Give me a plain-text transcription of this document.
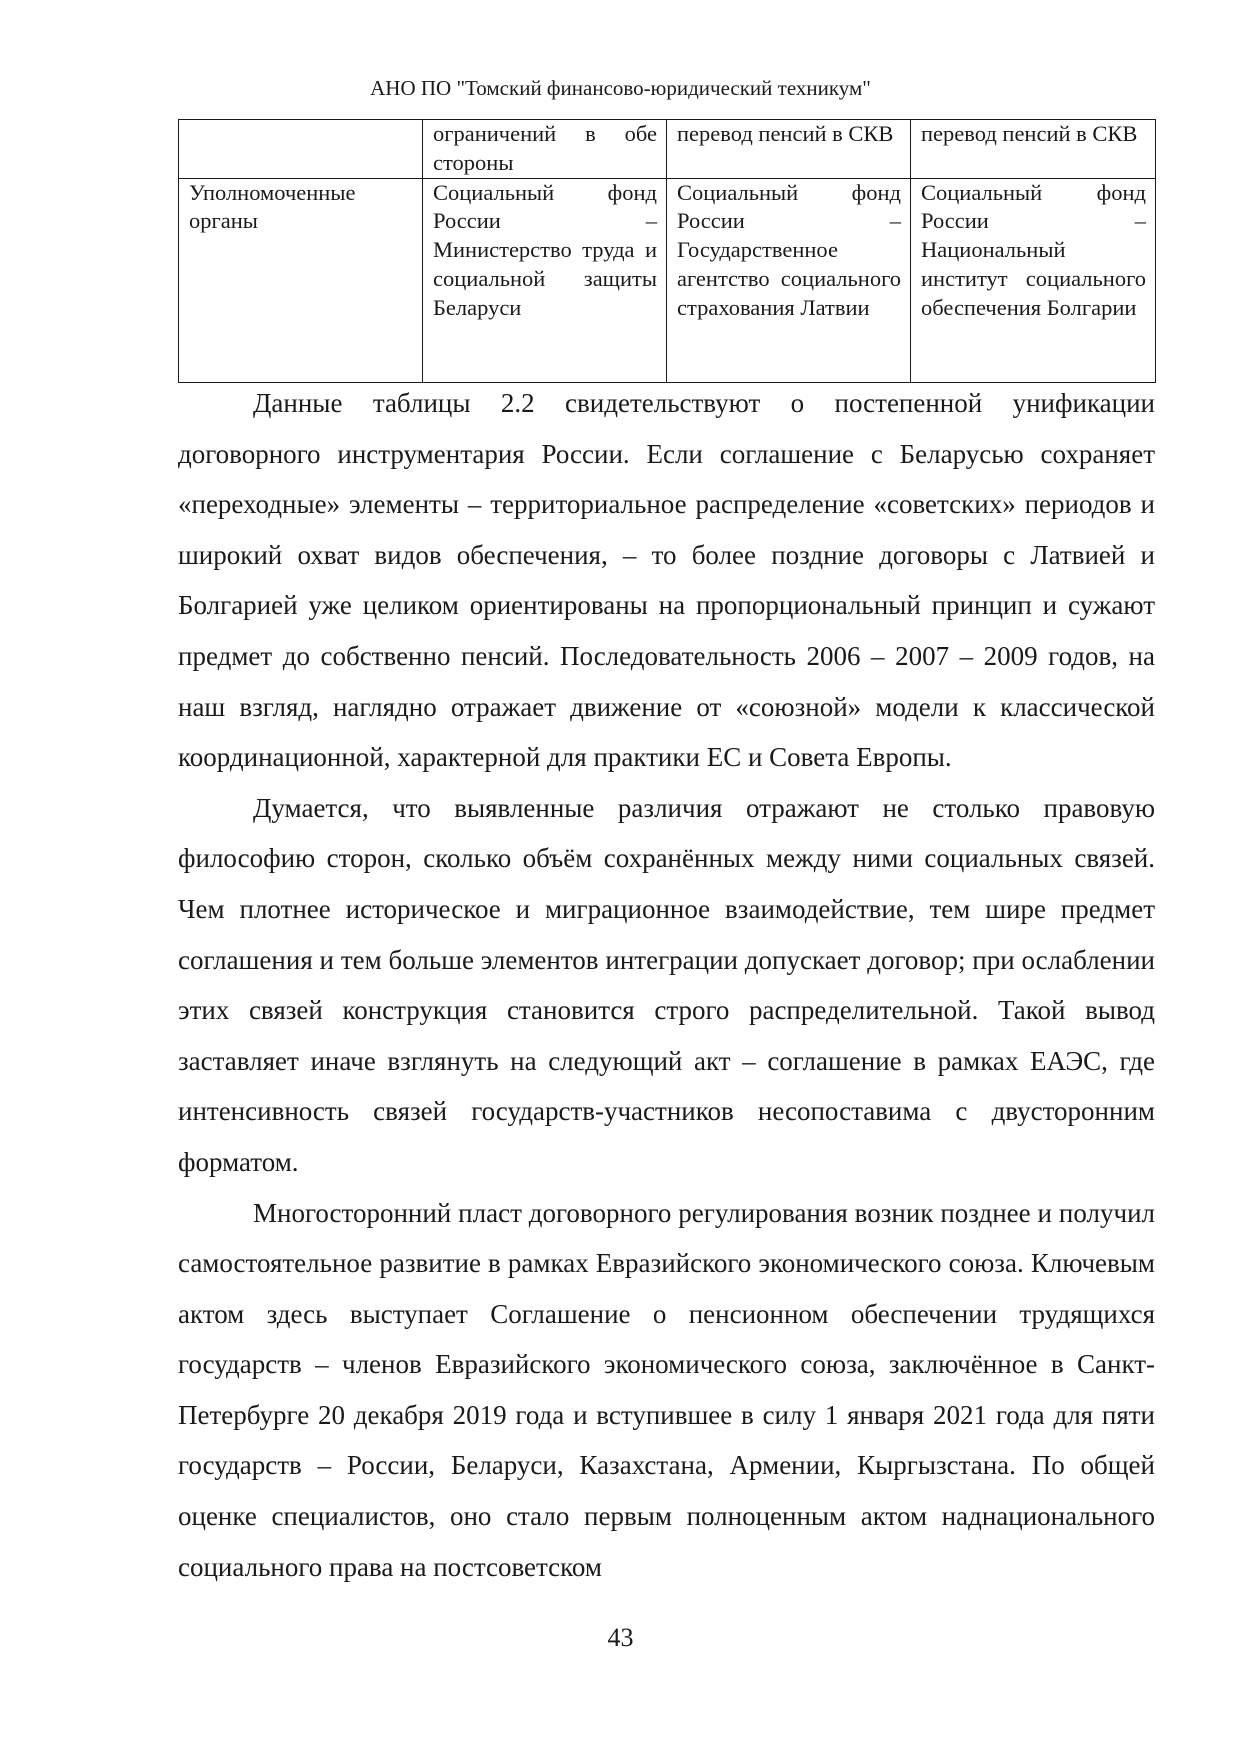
АНО ПО "Томский финансово-юридический техникум"
	ограничений в обе стороны	перевод пенсий в СКВ	перевод пенсий в СКВ
Уполномоченные органы	Социальный фонд России – Министерство труда и социальной защиты Беларуси	Социальный фонд России – Государственное агентство социального страхования Латвии	Социальный фонд России – Национальный институт социального обеспечения Болгарии

Данные таблицы 2.2 свидетельствуют о постепенной унификации договорного инструментария России. Если соглашение с Беларусью сохраняет «переходные» элементы – территориальное распределение «советских» периодов и широкий охват видов обеспечения, – то более поздние договоры с Латвией и Болгарией уже целиком ориентированы на пропорциональный принцип и сужают предмет до собственно пенсий. Последовательность 2006 – 2007 – 2009 годов, на наш взгляд, наглядно отражает движение от «союзной» модели к классической координационной, характерной для практики ЕС и Совета Европы.

Думается, что выявленные различия отражают не столько правовую философию сторон, сколько объём сохранённых между ними социальных связей. Чем плотнее историческое и миграционное взаимодействие, тем шире предмет соглашения и тем больше элементов интеграции допускает договор; при ослаблении этих связей конструкция становится строго распределительной. Такой вывод заставляет иначе взглянуть на следующий акт – соглашение в рамках ЕАЭС, где интенсивность связей государств-участников несопоставима с двусторонним форматом.

Многосторонний пласт договорного регулирования возник позднее и получил самостоятельное развитие в рамках Евразийского экономического союза. Ключевым актом здесь выступает Соглашение о пенсионном обеспечении трудящихся государств – членов Евразийского экономического союза, заключённое в Санкт-Петербурге 20 декабря 2019 года и вступившее в силу 1 января 2021 года для пяти государств – России, Беларуси, Казахстана, Армении, Кыргызстана. По общей оценке специалистов, оно стало первым полноценным актом наднационального социального права на постсоветском

43
